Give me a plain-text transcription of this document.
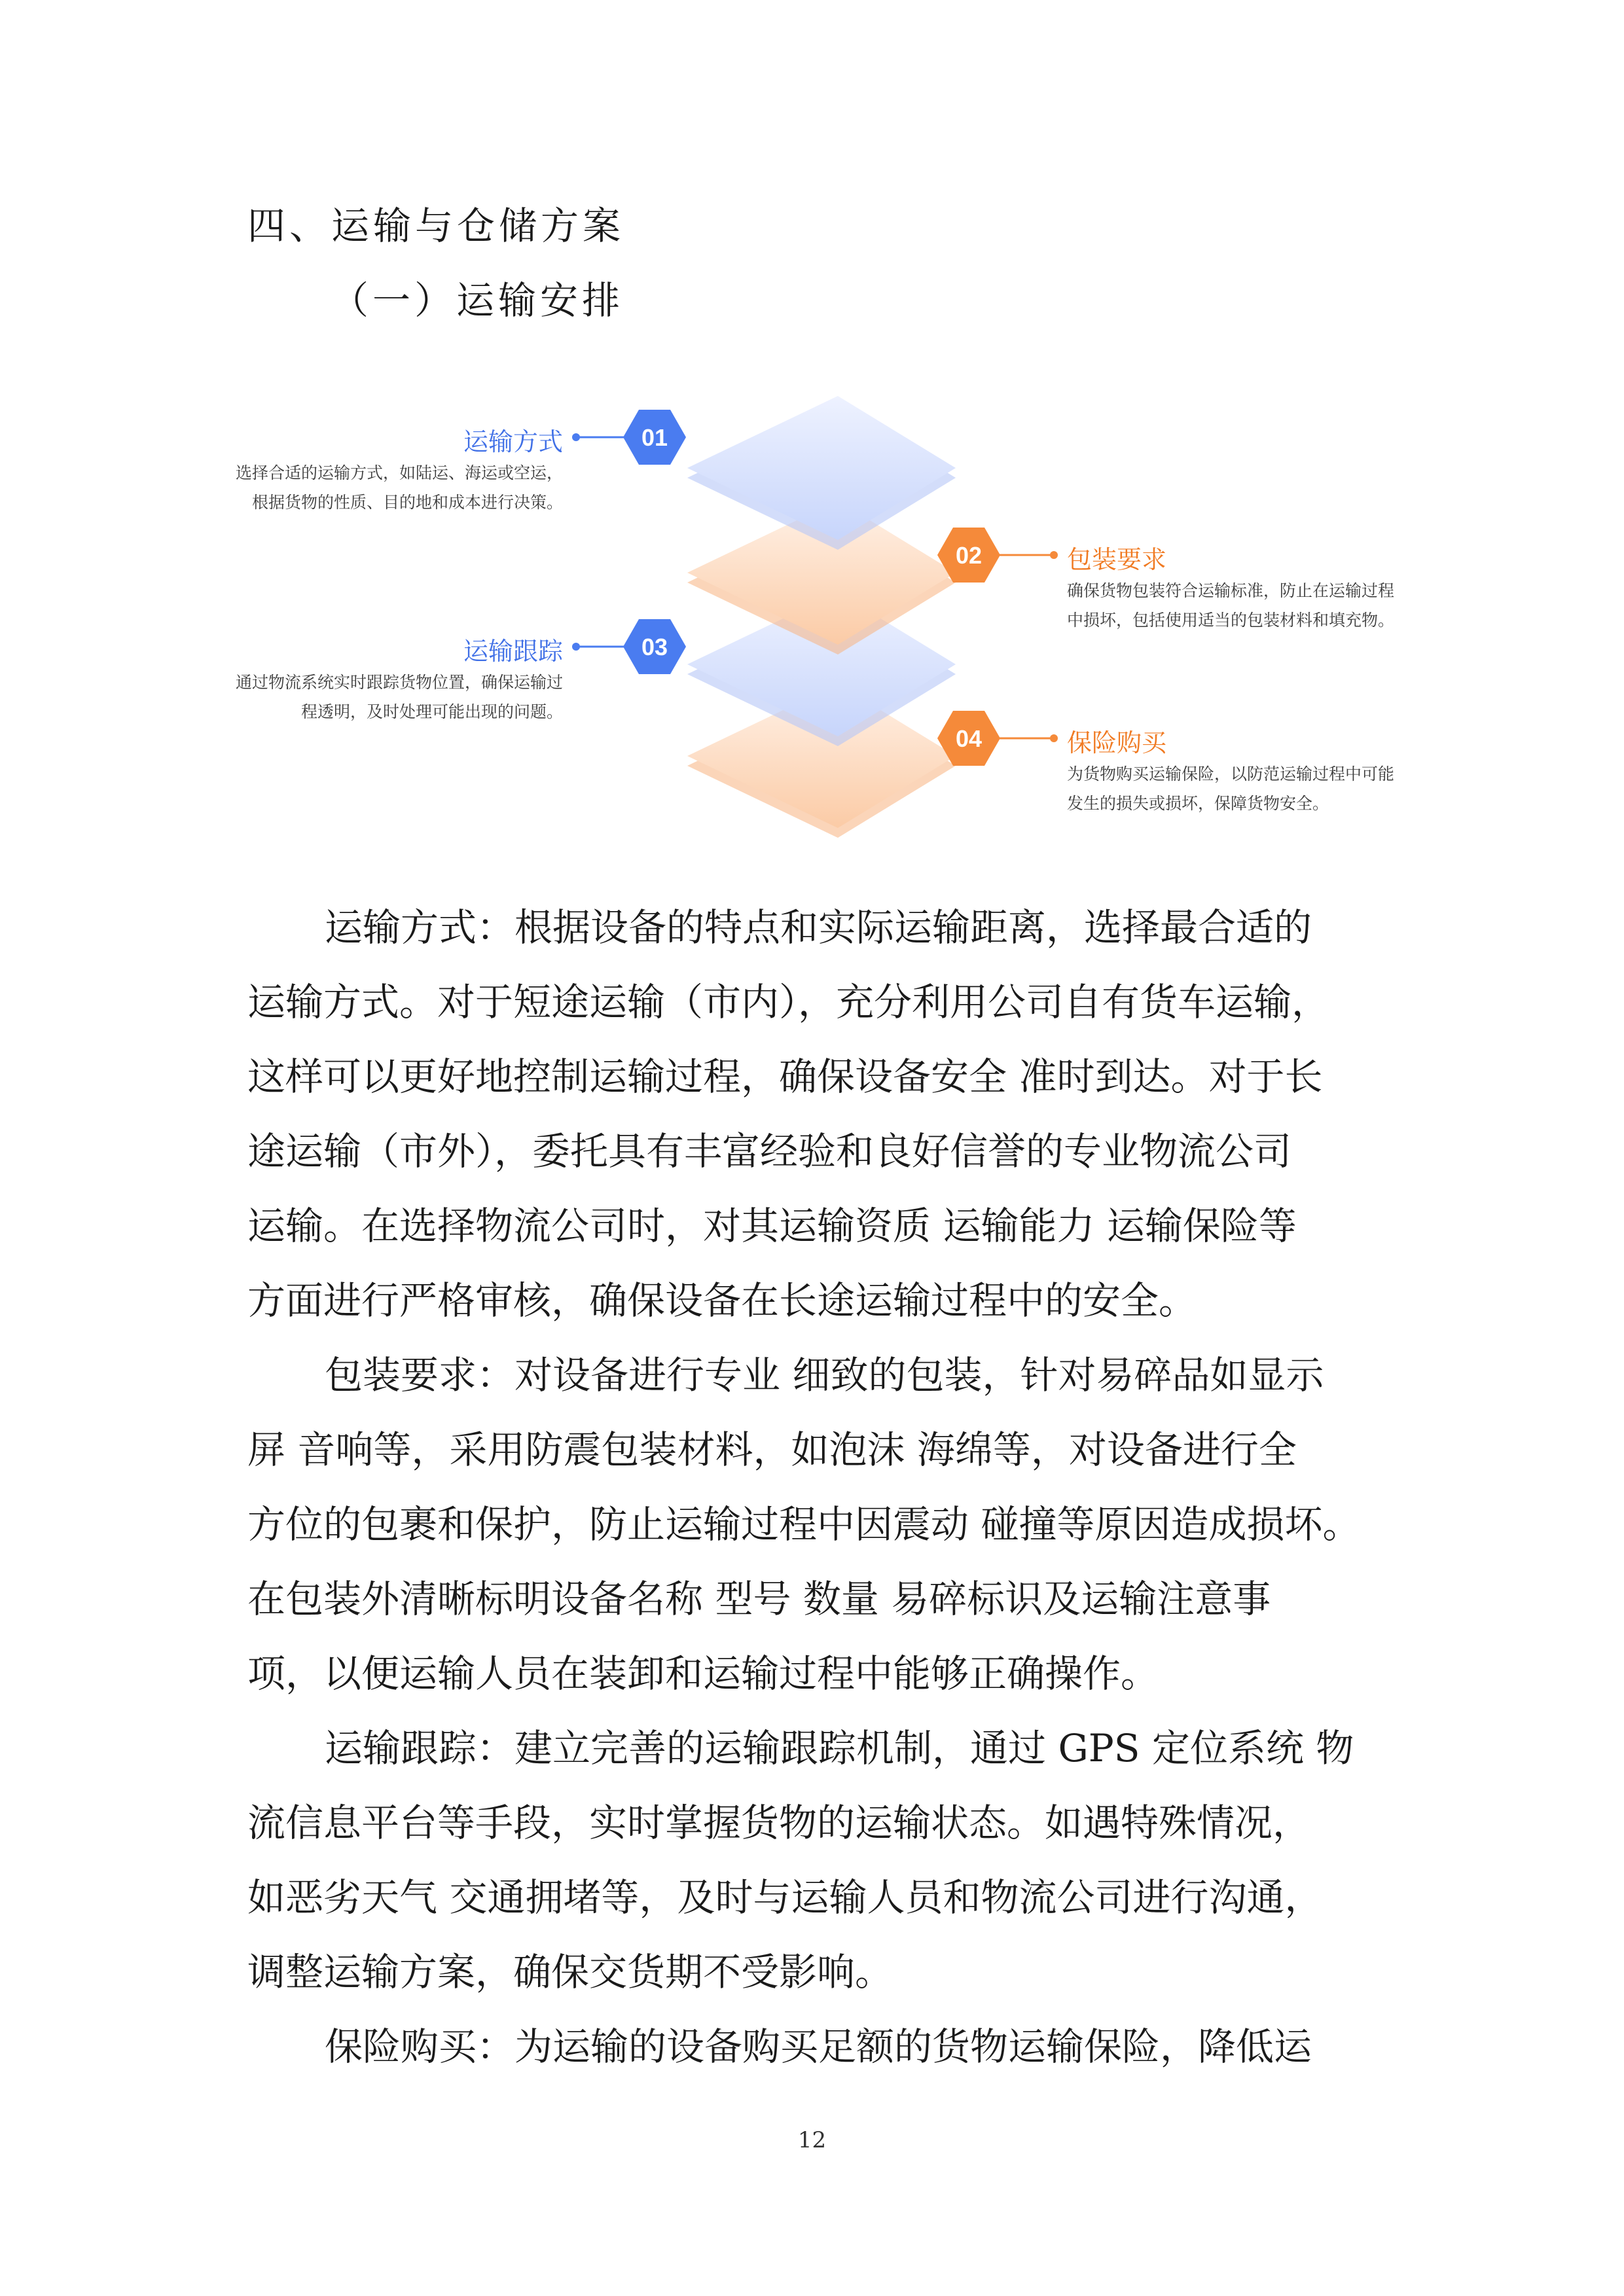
四、运输与仓储方案
（一）运输安排
01
02
03
04
运输方式
选择合适的运输方式，如陆运、海运或空运，根据货物的性质、目的地和成本进行决策。
包装要求
确保货物包装符合运输标准，防止在运输过程中损坏，包括使用适当的包装材料和填充物。
运输跟踪
通过物流系统实时跟踪货物位置，确保运输过程透明，及时处理可能出现的问题。
保险购买
为货物购买运输保险，以防范运输过程中可能发生的损失或损坏，保障货物安全。
运输方式：根据设备的特点和实际运输距离，选择最合适的
运输方式。对于短途运输（市内），充分利用公司自有货车运输，
这样可以更好地控制运输过程，确保设备安全 准时到达。对于长
途运输（市外），委托具有丰富经验和良好信誉的专业物流公司
运输。在选择物流公司时，对其运输资质 运输能力 运输保险等
方面进行严格审核，确保设备在长途运输过程中的安全。
包装要求：对设备进行专业 细致的包装，针对易碎品如显示
屏 音响等，采用防震包装材料，如泡沫 海绵等，对设备进行全
方位的包裹和保护，防止运输过程中因震动 碰撞等原因造成损坏。
在包装外清晰标明设备名称 型号 数量 易碎标识及运输注意事
项，以便运输人员在装卸和运输过程中能够正确操作。
运输跟踪：建立完善的运输跟踪机制，通过 GPS 定位系统 物
流信息平台等手段，实时掌握货物的运输状态。如遇特殊情况，
如恶劣天气 交通拥堵等，及时与运输人员和物流公司进行沟通，
调整运输方案，确保交货期不受影响。
保险购买：为运输的设备购买足额的货物运输保险，降低运
12
